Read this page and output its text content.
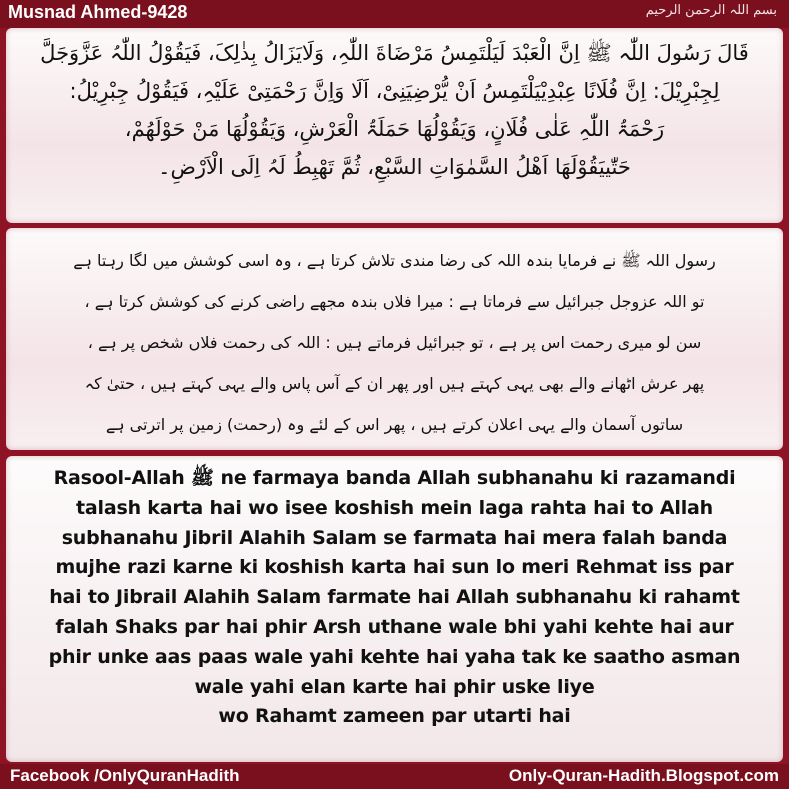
Musnad Ahmed-9428	بسم اللہ الرحمن الرحیم
قَالَ رَسُولَ اللّٰہ ﷺ اِنَّ الْعَبْدَ لَيَلْتَمِسُ مَرْضَاةَ اللّٰہِ، وَلَايَزَالُ بِذٰلِکَ، فَيَقُوْلُ اللّٰہُ عَزَّوَجَلَّ
لِجِبْرِیْلَ: اِنَّ فُلَانًا عِبْدِیْیَلْتَمِسُ اَنْ یُّرْضِیَنِیْ، اَلَا وَاِنَّ رَحْمَتِیْ عَلَیْہِ، فَیَقُوْلُ جِبْرِیْلُ:
رَحْمَۃُ اللّٰہِ عَلٰی فُلَانٍ، وَیَقُوْلُھَا حَمَلَۃُ الْعَرْشِ، وَیَقُوْلُھَا مَنْ حَوْلَھُمْ،
حَتّٰییَقُوْلَھَا اَھْلُ السَّمٰوَاتِ السَّبْعِ، ثُمَّ تَھْبِطُ لَہُ اِلَی الْاَرْضِ۔
رسول اللہ ﷺ نے فرمایا بندہ اللہ کی رضا مندی تلاش کرتا ہے ، وہ اسی کوشش میں لگا رہتا ہے
تو اللہ عزوجل جبرائیل سے فرماتا ہے : میرا فلاں بندہ مجھے راضی کرنے کی کوشش کرتا ہے ،
سن لو میری رحمت اس پر ہے ، تو جبرائیل فرماتے ہیں : اللہ کی رحمت فلاں شخص پر ہے ،
پھر عرش اٹھانے والے بھی یہی کہتے ہیں اور پھر ان کے آس پاس والے یہی کہتے ہیں ، حتیٰ کہ
ساتوں آسمان والے یہی اعلان کرتے ہیں ، پھر اس کے لئے وہ (رحمت) زمین پر اترتی ہے
Rasool-Allah ﷺ ne farmaya banda Allah subhanahu ki razamandi
talash karta hai wo isee koshish mein laga rahta hai to Allah
subhanahu Jibril Alahih Salam se farmata hai mera falah banda
mujhe razi karne ki koshish karta hai sun lo meri Rehmat iss par
hai to Jibrail Alahih Salam farmate hai Allah subhanahu ki rahamt
falah Shaks par hai phir Arsh uthane wale bhi yahi kehte hai aur
phir unke aas paas wale yahi kehte hai yaha tak ke saatho asman
wale yahi elan karte hai phir uske liye
wo Rahamt zameen par utarti hai
Facebook /OnlyQuranHadith	Only-Quran-Hadith.Blogspot.com
